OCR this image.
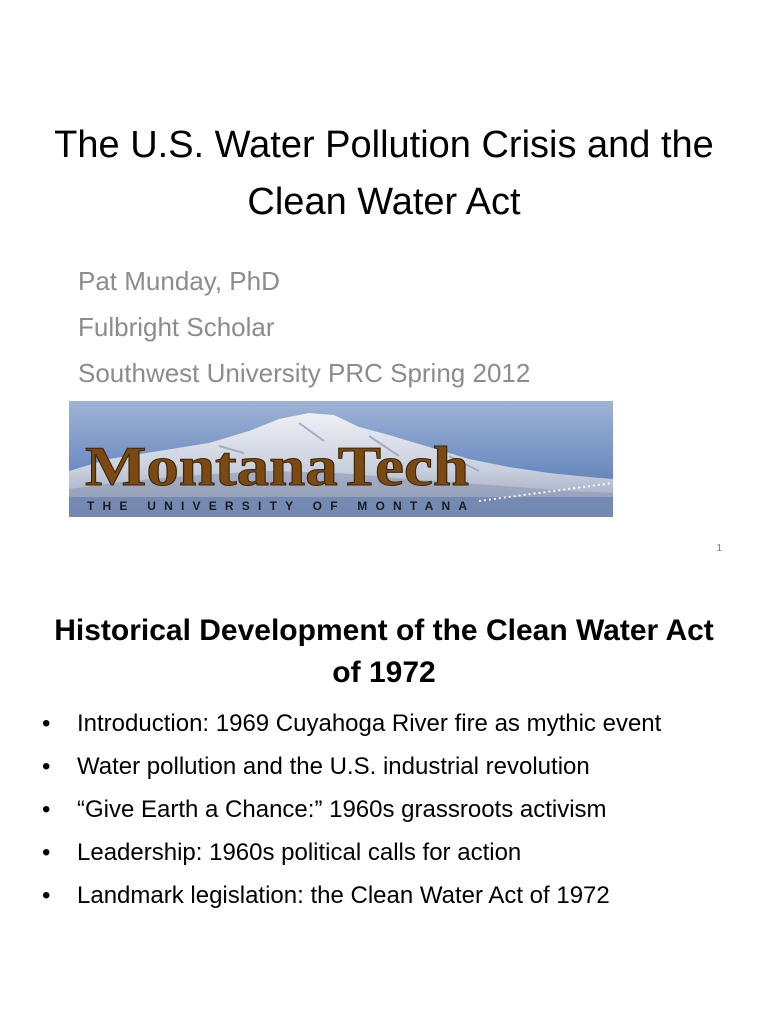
The U.S. Water Pollution Crisis and the Clean Water Act
Pat Munday, PhD
Fulbright Scholar
Southwest University PRC Spring 2012
Montana Tech
THE UNIVERSITY OF MONTANA
1
Historical Development of the Clean Water Act of 1972
• Introduction: 1969 Cuyahoga River fire as mythic event
• Water pollution and the U.S. industrial revolution
• “Give Earth a Chance:” 1960s grassroots activism
• Leadership: 1960s political calls for action
• Landmark legislation: the Clean Water Act of 1972
